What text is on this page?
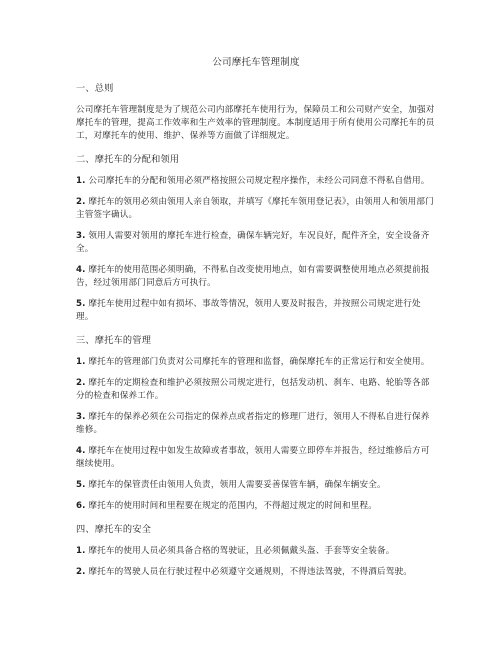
公司摩托车管理制度
一、总则

公司摩托车管理制度是为了规范公司内部摩托车使用行为，保障员工和公司财产安全，加强对摩托车的管理，提高工作效率和生产效率的管理制度。本制度适用于所有使用公司摩托车的员工，对摩托车的使用、维护、保养等方面做了详细规定。

二、摩托车的分配和领用

1. 公司摩托车的分配和领用必须严格按照公司规定程序操作，未经公司同意不得私自借用。

2. 摩托车的领用必须由领用人亲自领取，并填写《摩托车领用登记表》，由领用人和领用部门主管签字确认。

3. 领用人需要对领用的摩托车进行检查，确保车辆完好，车况良好，配件齐全，安全设备齐全。

4. 摩托车的使用范围必须明确，不得私自改变使用地点，如有需要调整使用地点必须提前报告，经过领用部门同意后方可执行。

5. 摩托车使用过程中如有损坏、事故等情况，领用人要及时报告，并按照公司规定进行处理。

三、摩托车的管理

1. 摩托车的管理部门负责对公司摩托车的管理和监督，确保摩托车的正常运行和安全使用。

2. 摩托车的定期检查和维护必须按照公司规定进行，包括发动机、刹车、电路、轮胎等各部分的检查和保养工作。

3. 摩托车的保养必须在公司指定的保养点或者指定的修理厂进行，领用人不得私自进行保养维修。

4. 摩托车在使用过程中如发生故障或者事故，领用人需要立即停车并报告，经过维修后方可继续使用。

5. 摩托车的保管责任由领用人负责，领用人需要妥善保管车辆，确保车辆安全。

6. 摩托车的使用时间和里程要在规定的范围内，不得超过规定的时间和里程。

四、摩托车的安全

1. 摩托车的使用人员必须具备合格的驾驶证，且必须佩戴头盔、手套等安全装备。

2. 摩托车的驾驶人员在行驶过程中必须遵守交通规则，不得违法驾驶，不得酒后驾驶。
